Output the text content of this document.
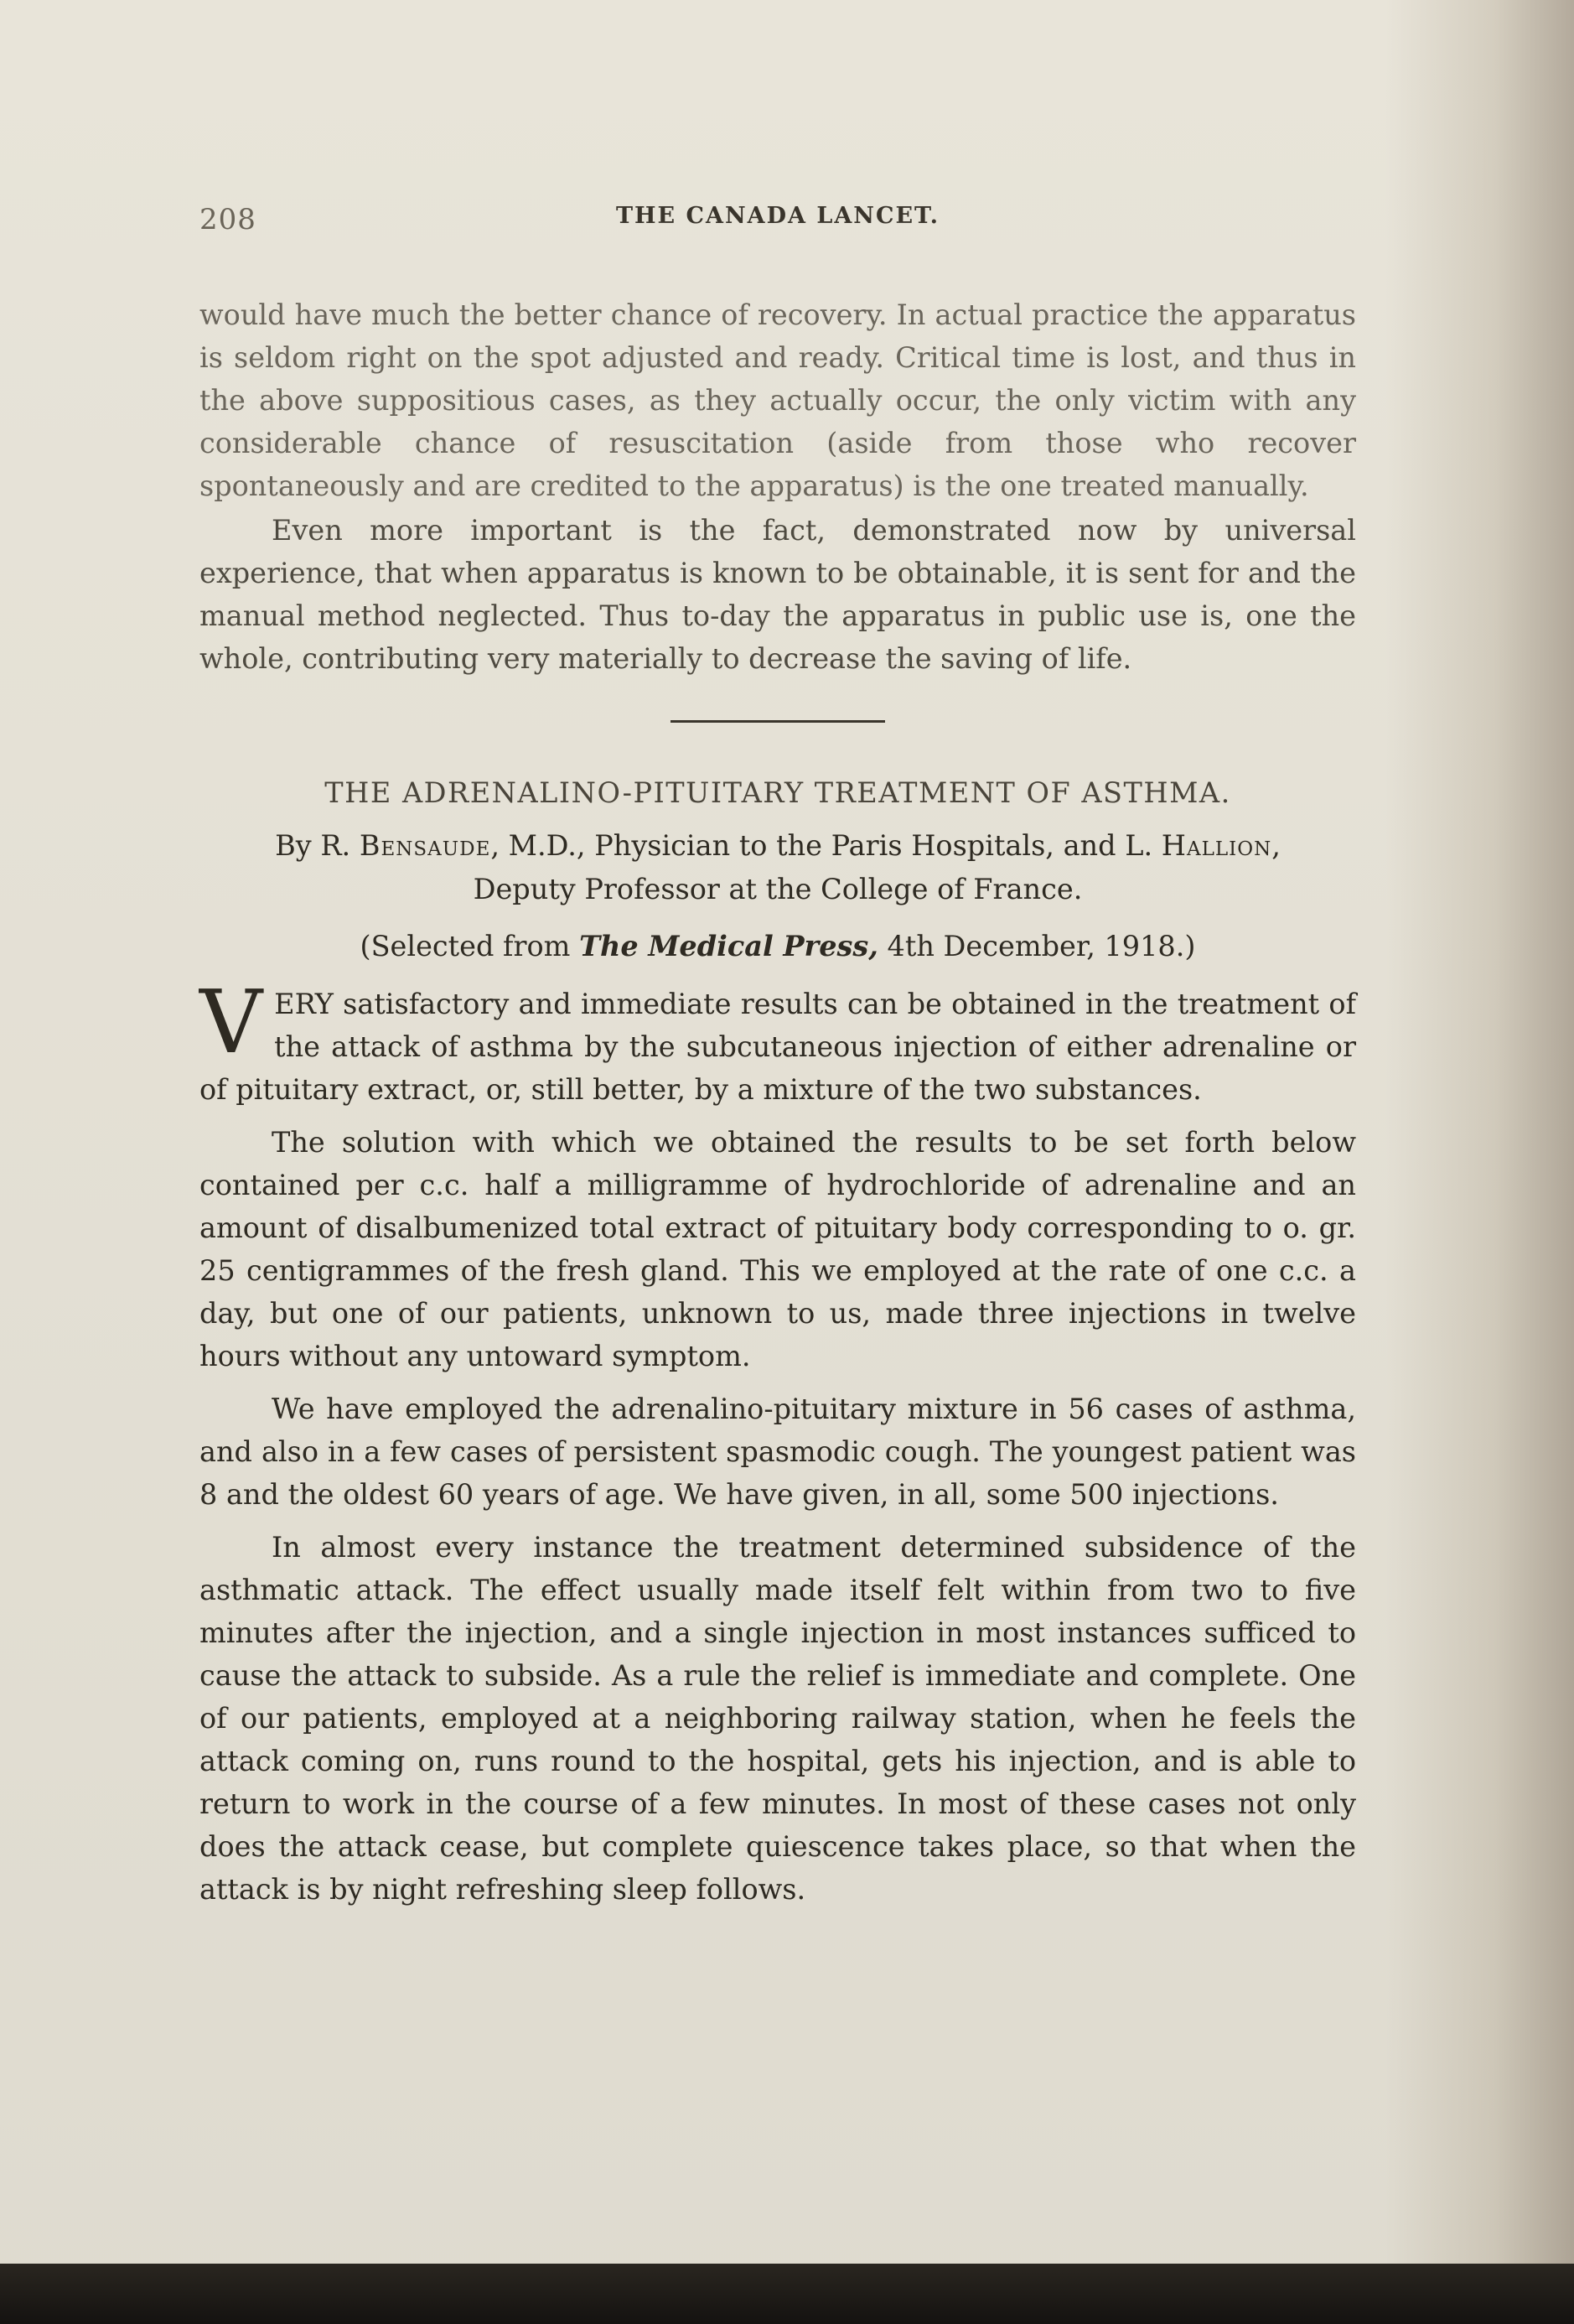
208	THE CANADA LANCET.

would have much the better chance of recovery. In actual practice the apparatus is seldom right on the spot adjusted and ready. Critical time is lost, and thus in the above suppositious cases, as they actually occur, the only victim with any considerable chance of resuscitation (aside from those who recover spontaneously and are credited to the apparatus) is the one treated manually.

Even more important is the fact, demonstrated now by universal experience, that when apparatus is known to be obtainable, it is sent for and the manual method neglected. Thus to-day the apparatus in public use is, one the whole, contributing very materially to decrease the saving of life.

THE ADRENALINO-PITUITARY TREATMENT OF ASTHMA.
By R. Bensaude, M.D., Physician to the Paris Hospitals, and L. Hallion,
Deputy Professor at the College of France.
(Selected from The Medical Press, 4th December, 1918.)

VERY satisfactory and immediate results can be obtained in the treatment of the attack of asthma by the subcutaneous injection of either adrenaline or of pituitary extract, or, still better, by a mixture of the two substances.

The solution with which we obtained the results to be set forth below contained per c.c. half a milligramme of hydrochloride of adrenaline and an amount of disalbumenized total extract of pituitary body corresponding to o. gr. 25 centigrammes of the fresh gland. This we employed at the rate of one c.c. a day, but one of our patients, unknown to us, made three injections in twelve hours without any untoward symptom.

We have employed the adrenalino-pituitary mixture in 56 cases of asthma, and also in a few cases of persistent spasmodic cough. The youngest patient was 8 and the oldest 60 years of age. We have given, in all, some 500 injections.

In almost every instance the treatment determined subsidence of the asthmatic attack. The effect usually made itself felt within from two to five minutes after the injection, and a single injection in most instances sufficed to cause the attack to subside. As a rule the relief is immediate and complete. One of our patients, employed at a neighboring railway station, when he feels the attack coming on, runs round to the hospital, gets his injection, and is able to return to work in the course of a few minutes. In most of these cases not only does the attack cease, but complete quiescence takes place, so that when the attack is by night refreshing sleep follows.
